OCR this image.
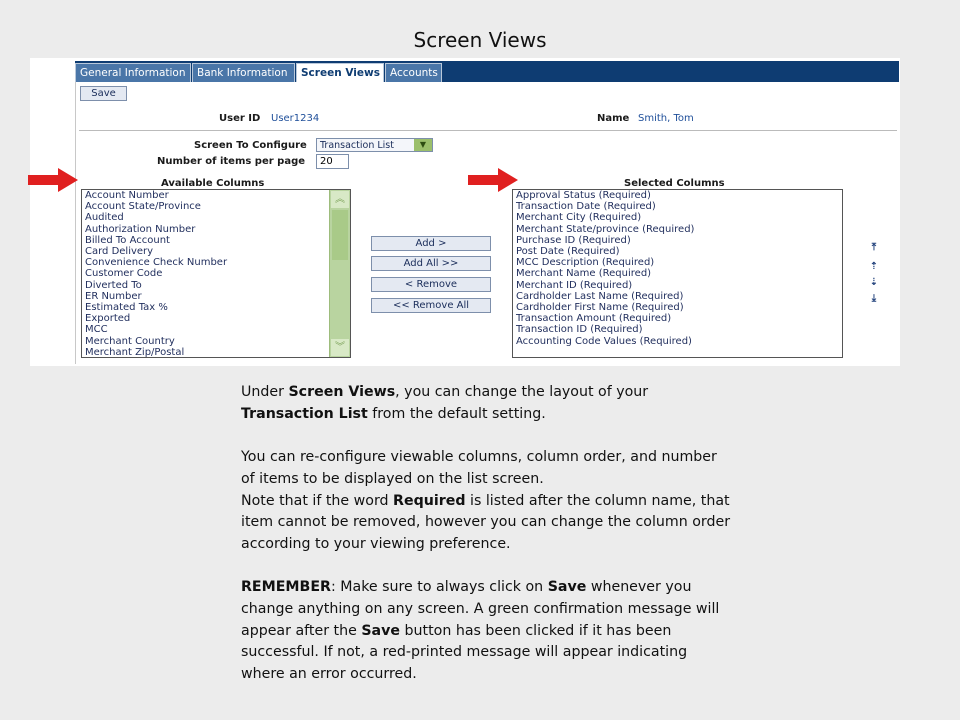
Screen Views
General Information	Bank Information	Screen Views Accounts
Save
User ID User1234	Name Smith, Tom
Screen To Configure	Transaction List	▼
Number of items per page	20
Available Columns	Selected Columns
Account Number
Account State/Province
Audited
Authorization Number
Billed To Account
Card Delivery
Convenience Check Number
Customer Code
Diverted To
ER Number
Estimated Tax %
Exported
MCC
Merchant Country
Merchant Zip/Postal
︽
︾
Add >
Add All >>
< Remove
<< Remove All
Approval Status (Required)
Transaction Date (Required)
Merchant City (Required)
Merchant State/province (Required)
Purchase ID (Required)
Post Date (Required)
MCC Description (Required)
Merchant Name (Required)
Merchant ID (Required)
Cardholder Last Name (Required)
Cardholder First Name (Required)
Transaction Amount (Required)
Transaction ID (Required)
Accounting Code Values (Required)
⤒
⇡
⇣
⤓

Under Screen Views, you can change the layout of your Transaction List from the default setting.

You can re-configure viewable columns, column order, and number of items to be displayed on the list screen.
Note that if the word Required is listed after the column name, that item cannot be removed, however you can change the column order according to your viewing preference.

REMEMBER: Make sure to always click on Save whenever you change anything on any screen. A green confirmation message will appear after the Save button has been clicked if it has been successful. If not, a red-printed message will appear indicating where an error occurred.
